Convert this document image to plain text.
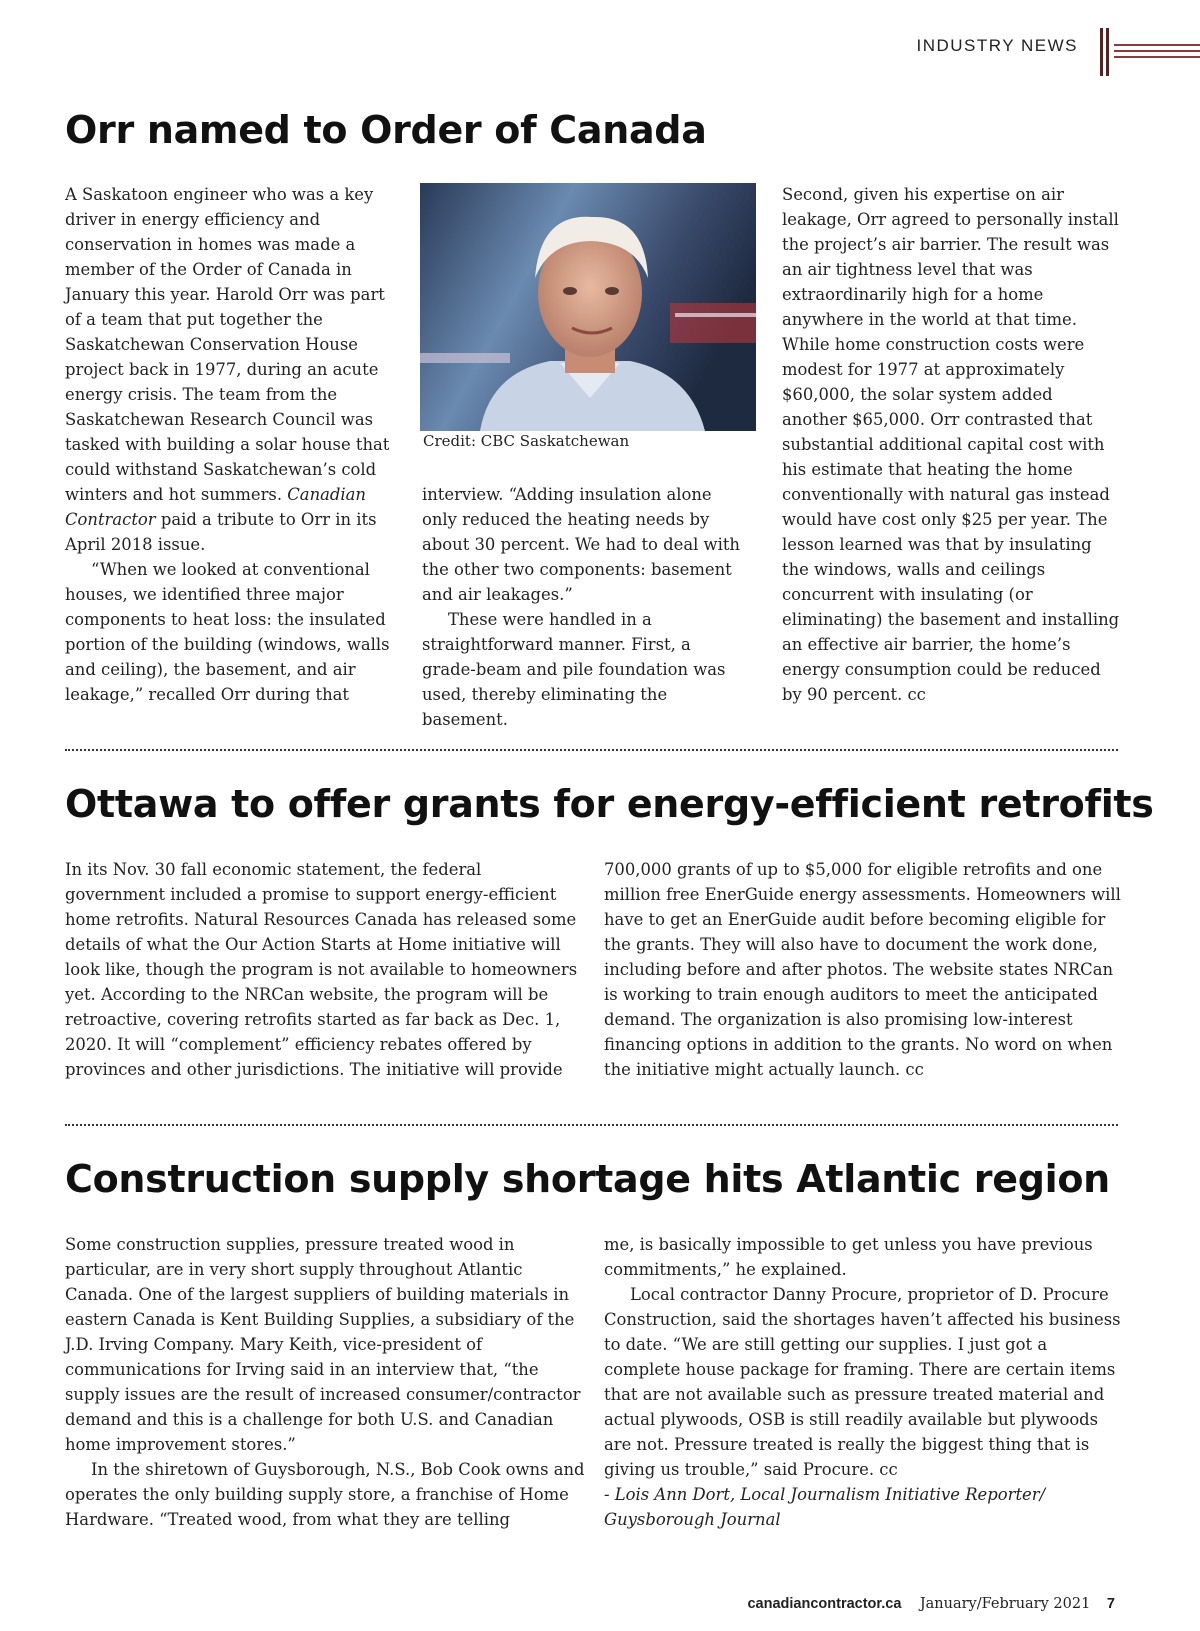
INDUSTRY NEWS
Orr named to Order of Canada

A Saskatoon engineer who was a key driver in energy efficiency and conservation in homes was made a member of the Order of Canada in January this year. Harold Orr was part of a team that put together the Saskatchewan Conservation House project back in 1977, during an acute energy crisis. The team from the Saskatchewan Research Council was tasked with building a solar house that could withstand Saskatchewan’s cold winters and hot summers. Canadian Contractor paid a tribute to Orr in its April 2018 issue.

“When we looked at conventional houses, we identified three major components to heat loss: the insulated portion of the building (windows, walls and ceiling), the basement, and air leakage,” recalled Orr during that

Credit: CBC Saskatchewan

interview. “Adding insulation alone only reduced the heating needs by about 30 percent. We had to deal with the other two components: basement and air leakages.”

These were handled in a straightforward manner. First, a grade-beam and pile foundation was used, thereby eliminating the basement.

Second, given his expertise on air leakage, Orr agreed to personally install the project’s air barrier. The result was an air tightness level that was extraordinarily high for a home anywhere in the world at that time. While home construction costs were modest for 1977 at approximately $60,000, the solar system added another $65,000. Orr contrasted that substantial additional capital cost with his estimate that heating the home conventionally with natural gas instead would have cost only $25 per year. The lesson learned was that by insulating the windows, walls and ceilings concurrent with insulating (or eliminating) the basement and installing an effective air barrier, the home’s energy consumption could be reduced by 90 percent. cc

Ottawa to offer grants for energy-efficient retrofits

In its Nov. 30 fall economic statement, the federal government included a promise to support energy-efficient home retrofits. Natural Resources Canada has released some details of what the Our Action Starts at Home initiative will look like, though the program is not available to homeowners yet. According to the NRCan website, the program will be retroactive, covering retrofits started as far back as Dec. 1, 2020. It will “complement” efficiency rebates offered by provinces and other jurisdictions. The initiative will provide

700,000 grants of up to $5,000 for eligible retrofits and one million free EnerGuide energy assessments. Homeowners will have to get an EnerGuide audit before becoming eligible for the grants. They will also have to document the work done, including before and after photos. The website states NRCan is working to train enough auditors to meet the anticipated demand. The organization is also promising low-interest financing options in addition to the grants. No word on when the initiative might actually launch. cc

Construction supply shortage hits Atlantic region

Some construction supplies, pressure treated wood in particular, are in very short supply throughout Atlantic Canada. One of the largest suppliers of building materials in eastern Canada is Kent Building Supplies, a subsidiary of the J.D. Irving Company. Mary Keith, vice-president of communications for Irving said in an interview that, “the supply issues are the result of increased consumer/contractor demand and this is a challenge for both U.S. and Canadian home improvement stores.”

In the shiretown of Guysborough, N.S., Bob Cook owns and operates the only building supply store, a franchise of Home Hardware. “Treated wood, from what they are telling

me, is basically impossible to get unless you have previous commitments,” he explained.

Local contractor Danny Procure, proprietor of D. Procure Construction, said the shortages haven’t affected his business to date. “We are still getting our supplies. I just got a complete house package for framing. There are certain items that are not available such as pressure treated material and actual plywoods, OSB is still readily available but plywoods are not. Pressure treated is really the biggest thing that is giving us trouble,” said Procure. cc

- Lois Ann Dort, Local Journalism Initiative Reporter/ Guysborough Journal

canadiancontractor.ca January/February 2021 7
